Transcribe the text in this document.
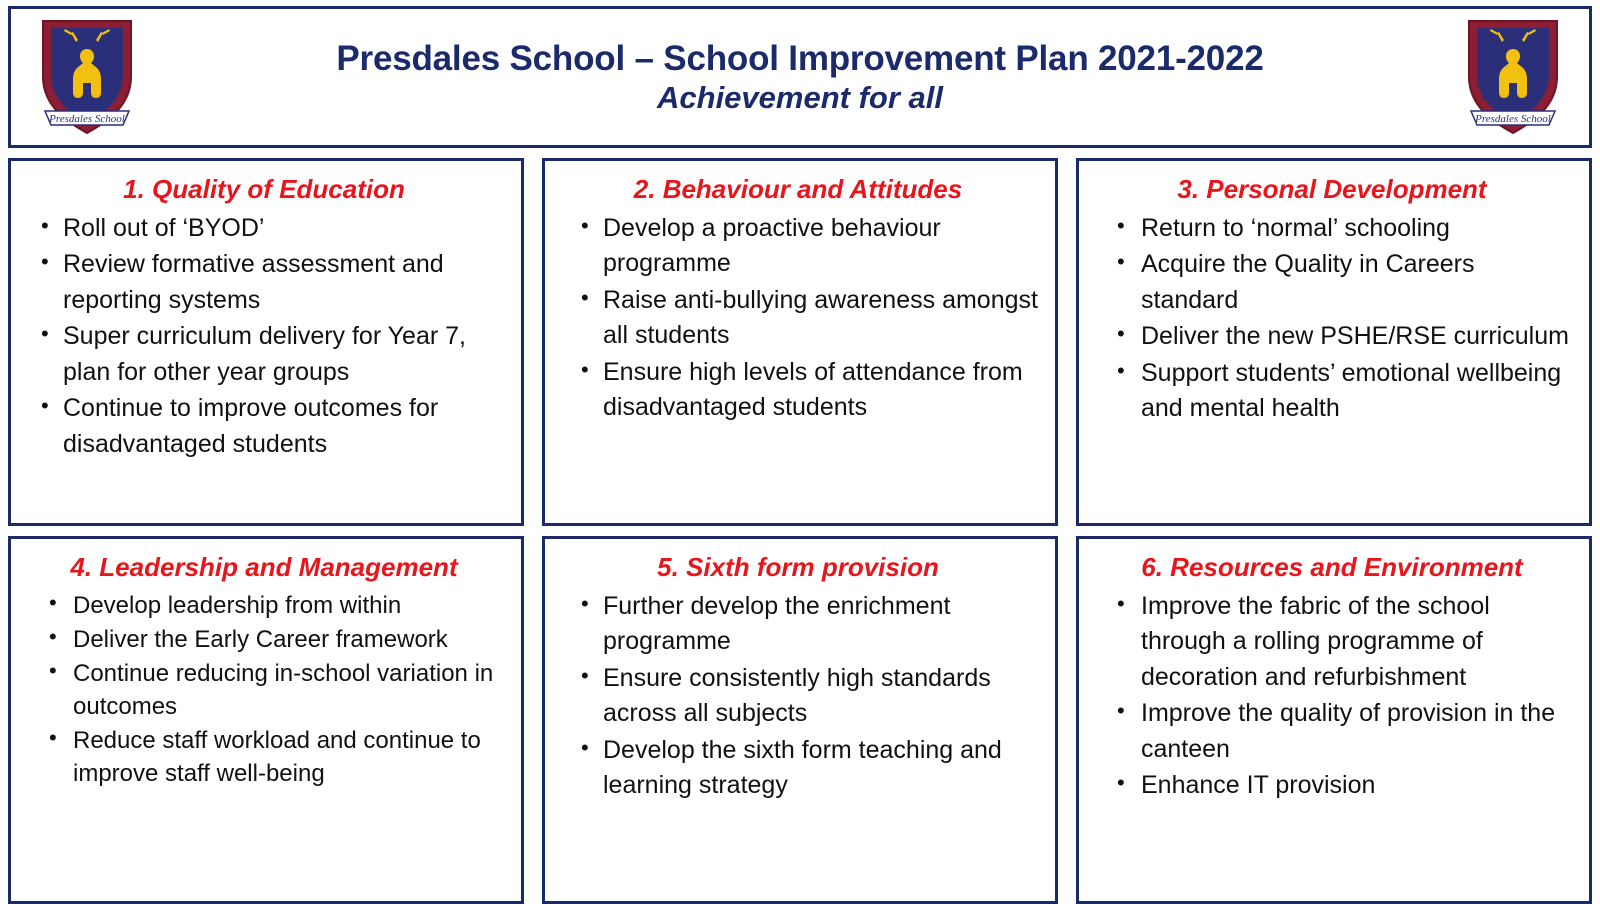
Presdales School
Presdales School – School Improvement Plan 2021-2022
Achievement for all
Presdales School
1. Quality of Education
• Roll out of ‘BYOD’
• Review formative assessment and reporting systems
• Super curriculum delivery for Year 7, plan for other year groups
• Continue to improve outcomes for disadvantaged students
2. Behaviour and Attitudes
• Develop a proactive behaviour programme
• Raise anti-bullying awareness amongst all students
• Ensure high levels of attendance from disadvantaged students
3. Personal Development
• Return to ‘normal’ schooling
• Acquire the Quality in Careers standard
• Deliver the new PSHE/RSE curriculum
• Support students’ emotional wellbeing and mental health
4. Leadership and Management
• Develop leadership from within
• Deliver the Early Career framework
• Continue reducing in-school variation in outcomes
• Reduce staff workload and continue to improve staff well-being
5. Sixth form provision
• Further develop the enrichment programme
• Ensure consistently high standards across all subjects
• Develop the sixth form teaching and learning strategy
6. Resources and Environment
• Improve the fabric of the school through a rolling programme of decoration and refurbishment
• Improve the quality of provision in the canteen
• Enhance IT provision
